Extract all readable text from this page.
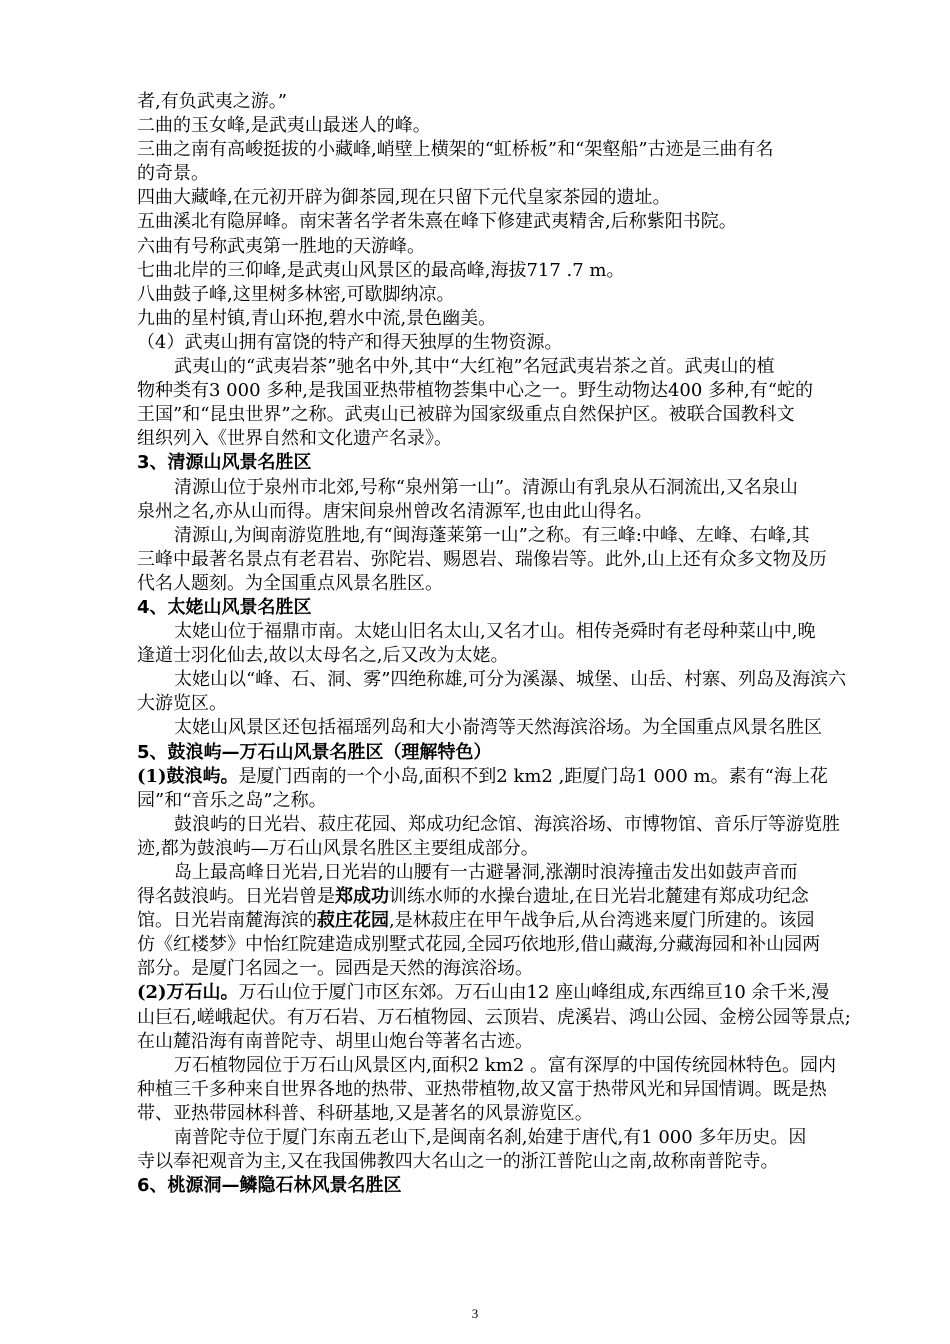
者,有负武夷之游。”
二曲的玉女峰,是武夷山最迷人的峰。
三曲之南有高峻挺拔的小藏峰,峭壁上横架的“虹桥板”和“架壑船”古迹是三曲有名
的奇景。
四曲大藏峰,在元初开辟为御茶园,现在只留下元代皇家茶园的遗址。
五曲溪北有隐屏峰。南宋著名学者朱熹在峰下修建武夷精舍,后称紫阳书院。
六曲有号称武夷第一胜地的天游峰。
七曲北岸的三仰峰,是武夷山风景区的最高峰,海拔717 .7 m。
八曲鼓子峰,这里树多林密,可歇脚纳凉。
九曲的星村镇,青山环抱,碧水中流,景色幽美。
（4）武夷山拥有富饶的特产和得天独厚的生物资源。
武夷山的“武夷岩茶”驰名中外,其中“大红袍”名冠武夷岩茶之首。武夷山的植
物种类有3 000 多种,是我国亚热带植物荟集中心之一。野生动物达400 多种,有“蛇的
王国”和“昆虫世界”之称。武夷山已被辟为国家级重点自然保护区。被联合国教科文
组织列入《世界自然和文化遗产名录》。
3、清源山风景名胜区
清源山位于泉州市北郊,号称“泉州第一山”。清源山有乳泉从石洞流出,又名泉山
泉州之名,亦从山而得。唐宋间泉州曾改名清源军,也由此山得名。
清源山,为闽南游览胜地,有“闽海蓬莱第一山”之称。有三峰:中峰、左峰、右峰,其
三峰中最著名景点有老君岩、弥陀岩、赐恩岩、瑞像岩等。此外,山上还有众多文物及历
代名人题刻。为全国重点风景名胜区。
4、太姥山风景名胜区
太姥山位于福鼎市南。太姥山旧名太山,又名才山。相传尧舜时有老母种菜山中,晚
逢道士羽化仙去,故以太母名之,后又改为太姥。
太姥山以“峰、石、洞、雾”四绝称雄,可分为溪瀑、城堡、山岳、村寨、列岛及海滨六
大游览区。
太姥山风景区还包括福瑶列岛和大小嵛湾等天然海滨浴场。为全国重点风景名胜区
5、鼓浪屿—万石山风景名胜区（理解特色）
(1)鼓浪屿。是厦门西南的一个小岛,面积不到2 km2 ,距厦门岛1 000 m。素有“海上花
园”和“音乐之岛”之称。
鼓浪屿的日光岩、菽庄花园、郑成功纪念馆、海滨浴场、市博物馆、音乐厅等游览胜
迹,都为鼓浪屿—万石山风景名胜区主要组成部分。
岛上最高峰日光岩,日光岩的山腰有一古避暑洞,涨潮时浪涛撞击发出如鼓声音而
得名鼓浪屿。日光岩曾是郑成功训练水师的水操台遗址,在日光岩北麓建有郑成功纪念
馆。日光岩南麓海滨的菽庄花园,是林菽庄在甲午战争后,从台湾逃来厦门所建的。该园
仿《红楼梦》中怡红院建造成别墅式花园,全园巧依地形,借山藏海,分藏海园和补山园两
部分。是厦门名园之一。园西是天然的海滨浴场。
(2)万石山。万石山位于厦门市区东郊。万石山由12 座山峰组成,东西绵亘10 余千米,漫
山巨石,嵯峨起伏。有万石岩、万石植物园、云顶岩、虎溪岩、鸿山公园、金榜公园等景点;
在山麓沿海有南普陀寺、胡里山炮台等著名古迹。
万石植物园位于万石山风景区内,面积2 km2 。富有深厚的中国传统园林特色。园内
种植三千多种来自世界各地的热带、亚热带植物,故又富于热带风光和异国情调。既是热
带、亚热带园林科普、科研基地,又是著名的风景游览区。
南普陀寺位于厦门东南五老山下,是闽南名刹,始建于唐代,有1 000 多年历史。因
寺以奉祀观音为主,又在我国佛教四大名山之一的浙江普陀山之南,故称南普陀寺。
6、桃源洞—鳞隐石林风景名胜区
3
